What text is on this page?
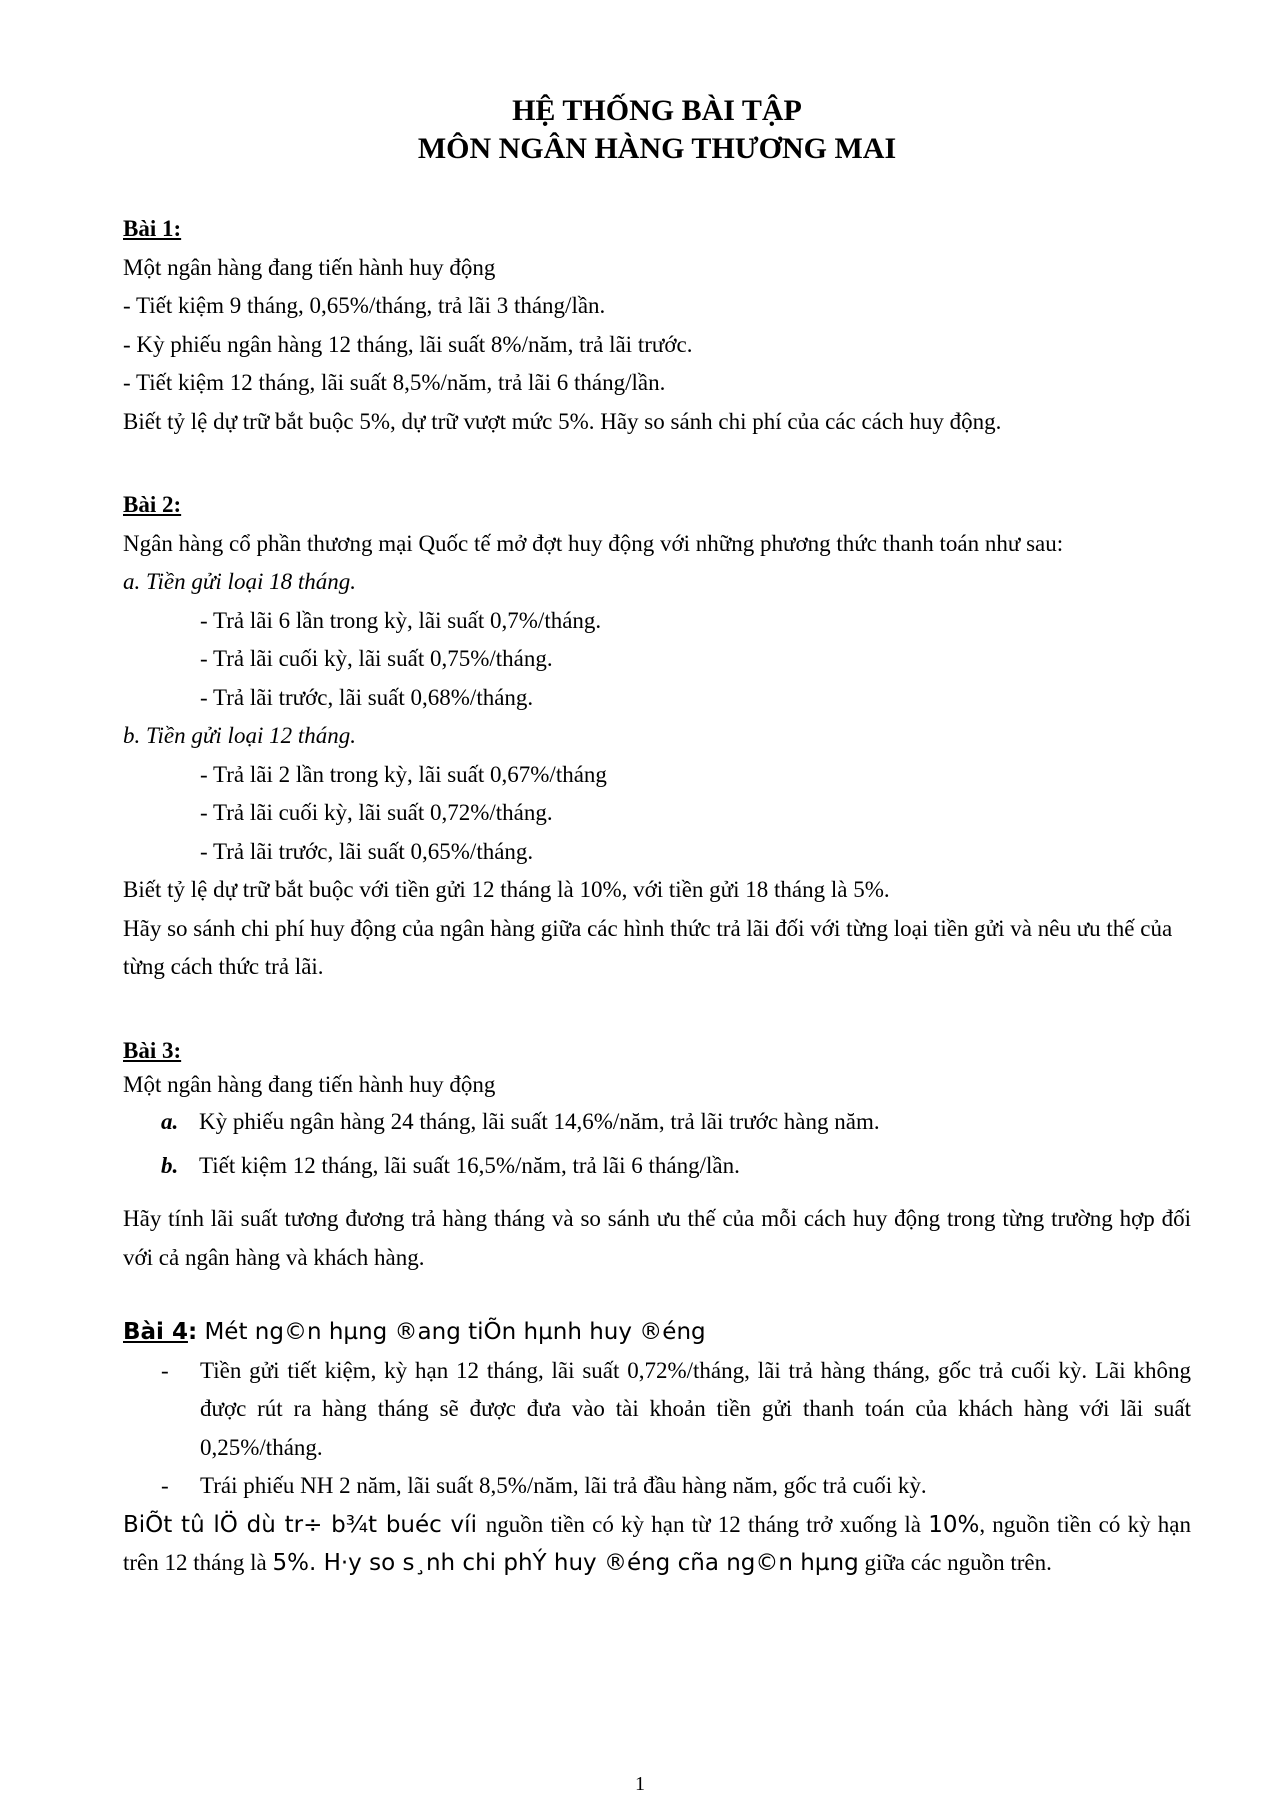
HỆ THỐNG BÀI TẬP

MÔN NGÂN HÀNG THƯƠNG MAI

Bài 1:

Một ngân hàng đang tiến hành huy động

- Tiết kiệm 9 tháng, 0,65%/tháng, trả lãi 3 tháng/lần.

- Kỳ phiếu ngân hàng 12 tháng, lãi suất 8%/năm, trả lãi trước.

- Tiết kiệm 12 tháng, lãi suất 8,5%/năm, trả lãi 6 tháng/lần.

Biết tỷ lệ dự trữ bắt buộc 5%, dự trữ vượt mức 5%. Hãy so sánh chi phí của các cách huy động.

Bài 2:

Ngân hàng cổ phần thương mại Quốc tế mở đợt huy động với những phương thức thanh toán như sau:

a. Tiền gửi loại 18 tháng.

- Trả lãi 6 lần trong kỳ, lãi suất 0,7%/tháng.

- Trả lãi cuối kỳ, lãi suất 0,75%/tháng.

- Trả lãi trước, lãi suất 0,68%/tháng.

b. Tiền gửi loại 12 tháng.

- Trả lãi 2 lần trong kỳ, lãi suất 0,67%/tháng

- Trả lãi cuối kỳ, lãi suất 0,72%/tháng.

- Trả lãi trước, lãi suất 0,65%/tháng.

Biết tỷ lệ dự trữ bắt buộc với tiền gửi 12 tháng là 10%, với tiền gửi 18 tháng là 5%.

Hãy so sánh chi phí huy động của ngân hàng giữa các hình thức trả lãi đối với từng loại tiền gửi và nêu ưu thế của từng cách thức trả lãi.

Bài 3:

Một ngân hàng đang tiến hành huy động

a. Kỳ phiếu ngân hàng 24 tháng, lãi suất 14,6%/năm, trả lãi trước hàng năm.
b. Tiết kiệm 12 tháng, lãi suất 16,5%/năm, trả lãi 6 tháng/lần.

Hãy tính lãi suất tương đương trả hàng tháng và so sánh ưu thế của mỗi cách huy động trong từng trường hợp đối với cả ngân hàng và khách hàng.

Bài 4: Mét ng©n hµng ®ang tiÕn hµnh huy ®éng

-	Tiền gửi tiết kiệm, kỳ hạn 12 tháng, lãi suất 0,72%/tháng, lãi trả hàng tháng, gốc trả cuối kỳ. Lãi không được rút ra hàng tháng sẽ được đưa vào tài khoản tiền gửi thanh toán của khách hàng với lãi suất 0,25%/tháng.
-	Trái phiếu NH 2 năm, lãi suất 8,5%/năm, lãi trả đầu hàng năm, gốc trả cuối kỳ.

BiÕt tû lÖ dù tr÷ b¾t buéc víi nguồn tiền có kỳ hạn từ 12 tháng trở xuống là 10%, nguồn tiền có kỳ hạn trên 12 tháng là 5%. H·y so s¸nh chi phÝ huy ®éng cña ng©n hµng giữa các nguồn trên.

1
